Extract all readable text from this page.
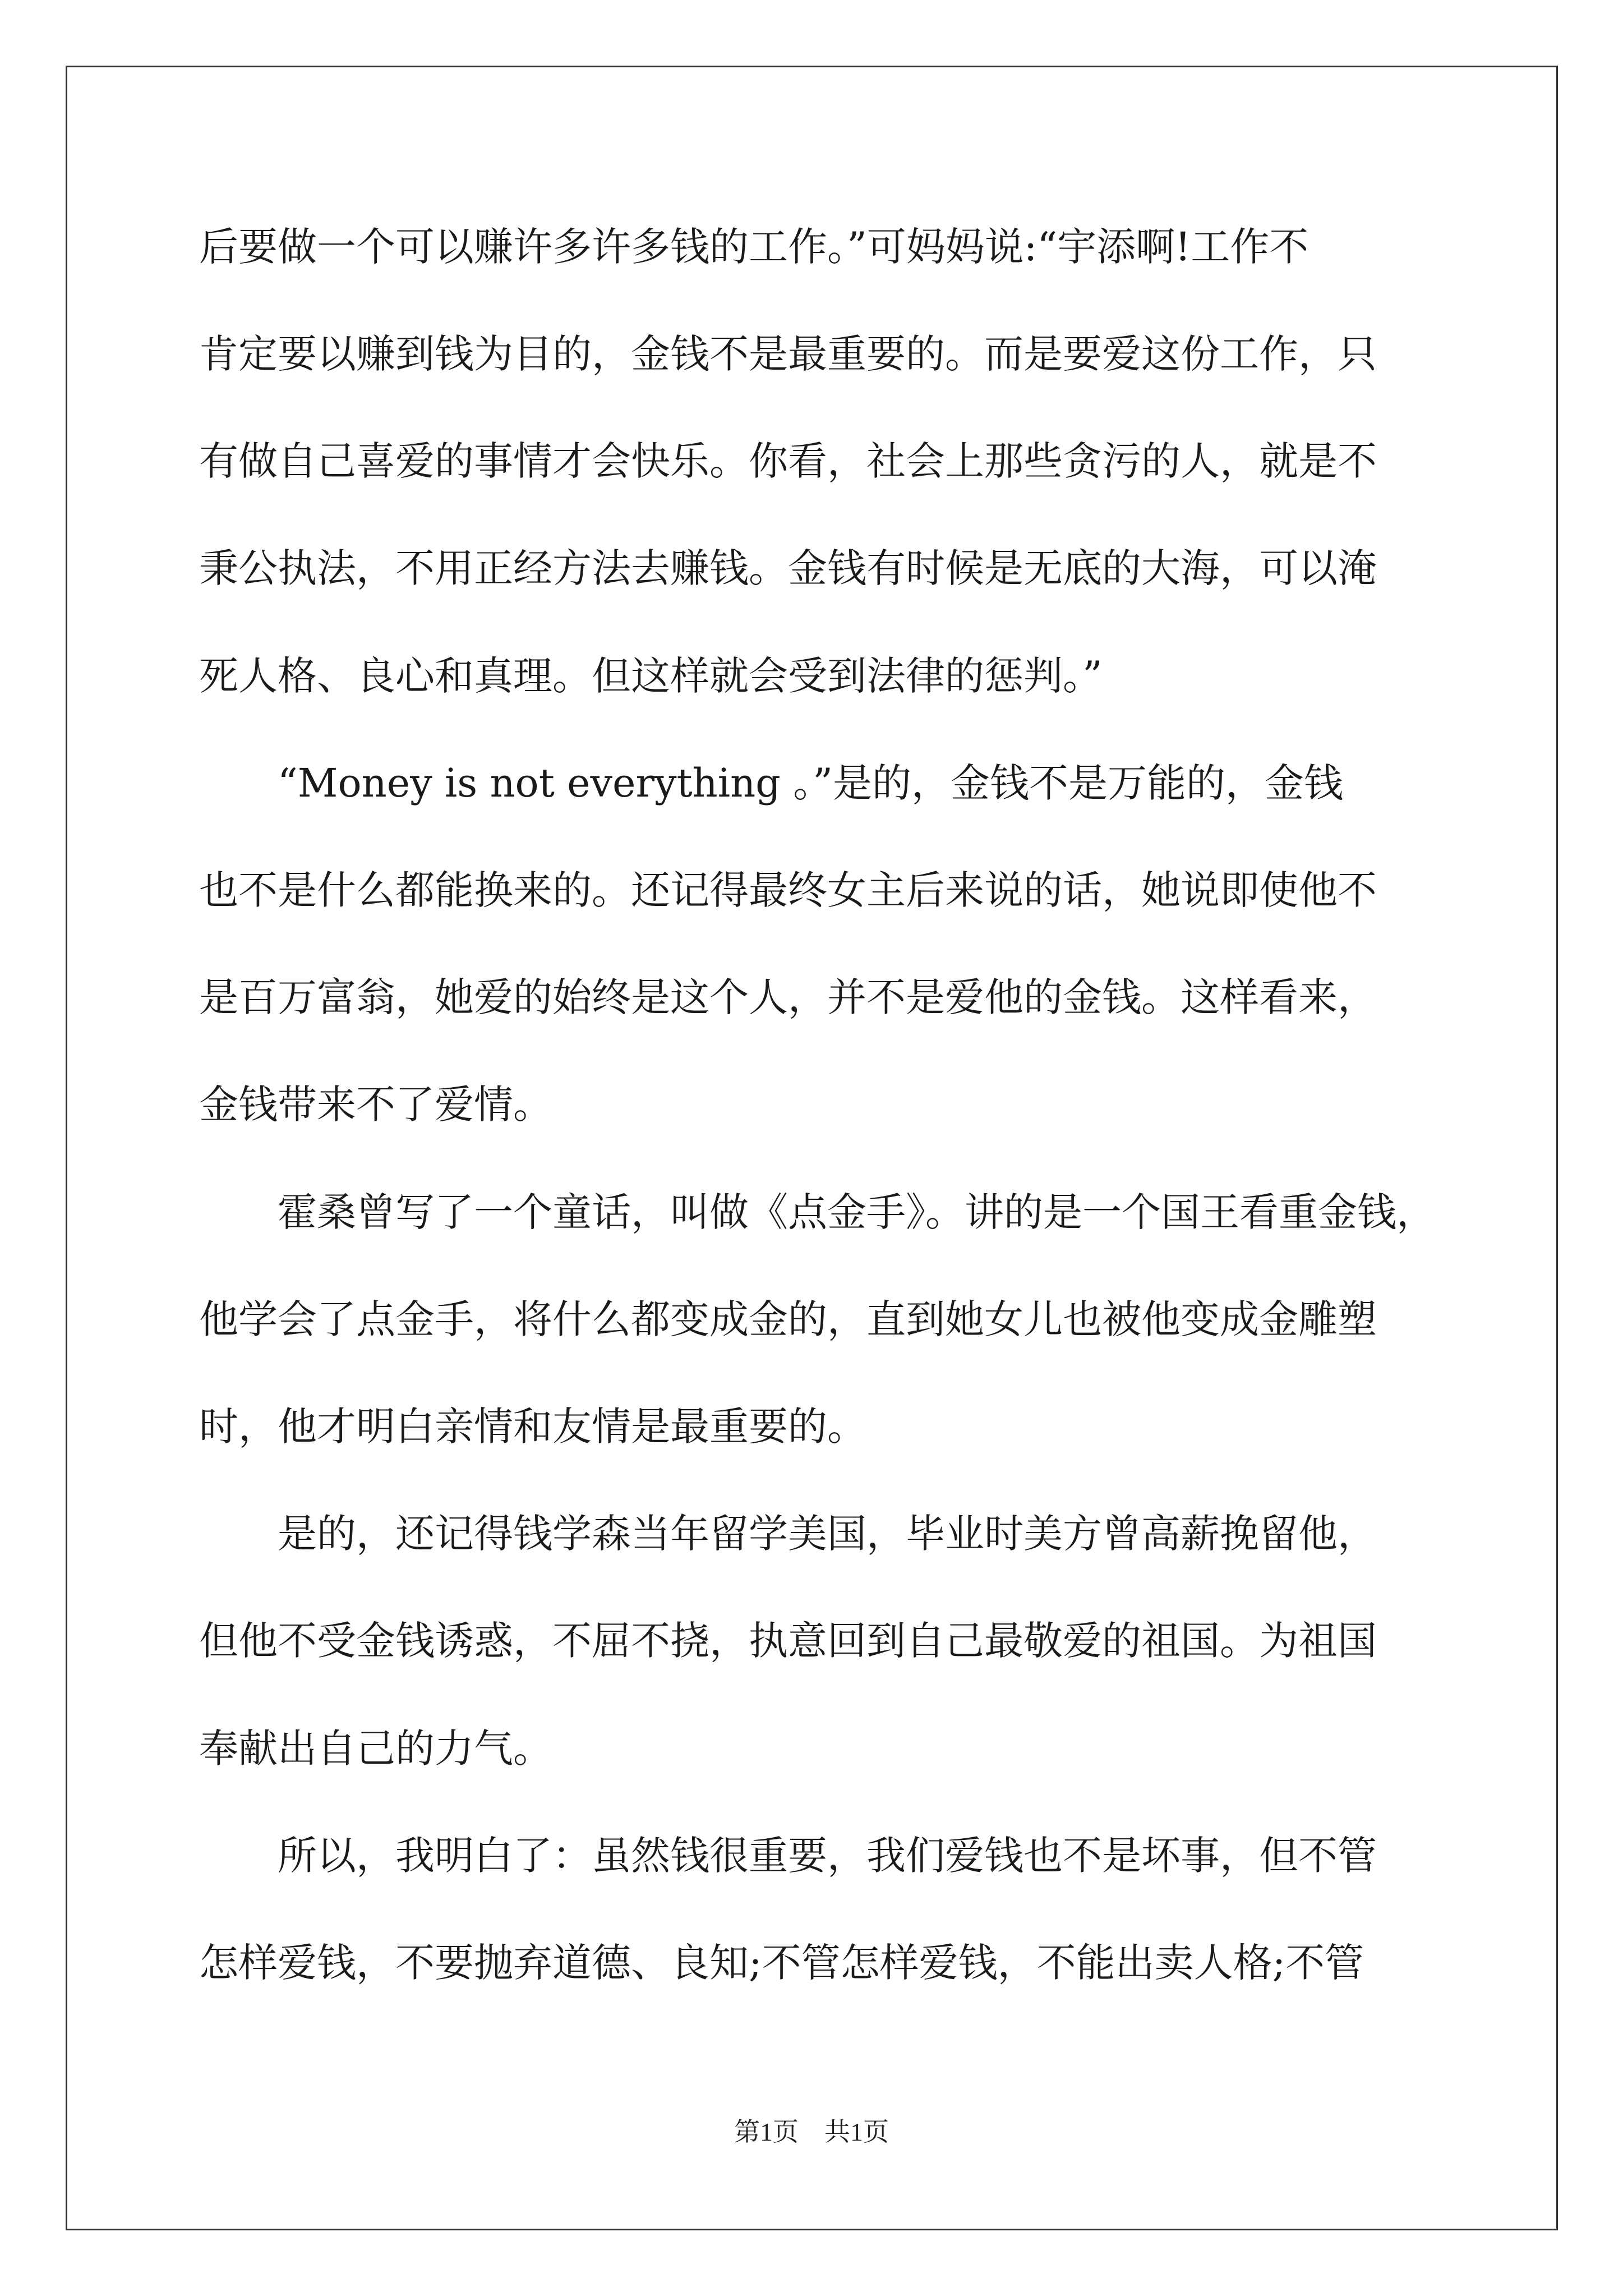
后要做一个可以赚许多许多钱的工作。”可妈妈说:“宇添啊!工作不
肯定要以赚到钱为目的，金钱不是最重要的。而是要爱这份工作，只
有做自己喜爱的事情才会快乐。你看，社会上那些贪污的人，就是不
秉公执法，不用正经方法去赚钱。金钱有时候是无底的大海，可以淹
死人格、良心和真理。但这样就会受到法律的惩判。”
“Money is not everything 。”是的，金钱不是万能的，金钱
也不是什么都能换来的。还记得最终女主后来说的话，她说即使他不
是百万富翁，她爱的始终是这个人，并不是爱他的金钱。这样看来，
金钱带来不了爱情。
霍桑曾写了一个童话，叫做《点金手》。讲的是一个国王看重金钱，
他学会了点金手，将什么都变成金的，直到她女儿也被他变成金雕塑
时，他才明白亲情和友情是最重要的。
是的，还记得钱学森当年留学美国，毕业时美方曾高薪挽留他，
但他不受金钱诱惑，不屈不挠，执意回到自己最敬爱的祖国。为祖国
奉献出自己的力气。
所以，我明白了：虽然钱很重要，我们爱钱也不是坏事，但不管
怎样爱钱，不要抛弃道德、良知;不管怎样爱钱，不能出卖人格;不管
第1页　共1页
